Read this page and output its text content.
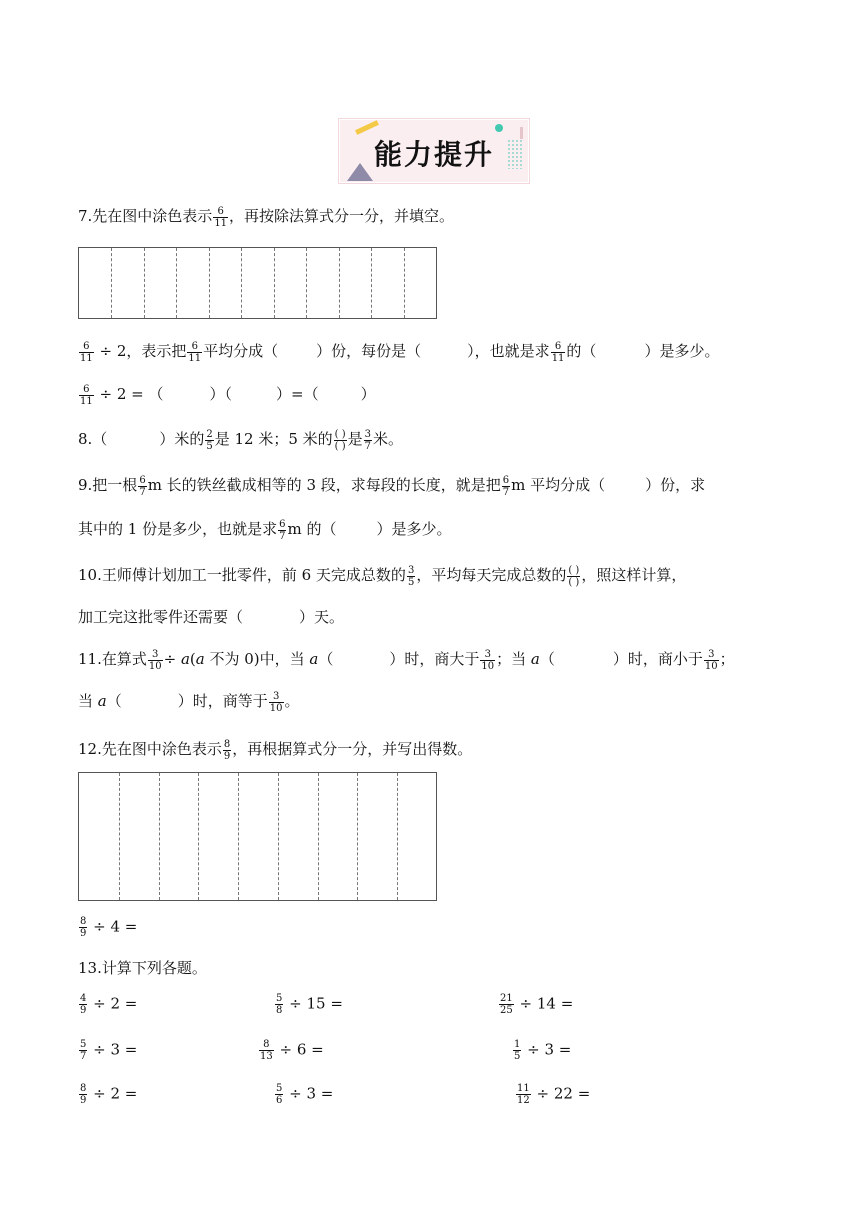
能力提升
7.先在图中涂色表示 $\frac{6}{11}$ ，再按除法算式分一分，并填空。
$\frac{6}{11} \div 2$，表示把 $\frac{6}{11}$ 平均分成（	）份，每份是（	），也就是求 $\frac{6}{11}$ 的（	）是多少。
$\frac{6}{11} \div 2$ = （	）（	）=（	）
8.（	）米的 $\frac{2}{5}$ 是 12 米；5 米的 $\frac{( )}{( )}$ 是 $\frac{3}{7}$ 米。
9.把一根 $\frac{6}{7}$ m 长的铁丝截成相等的 3 段，求每段的长度，就是把 $\frac{6}{7}$ m 平均分成（	）份，求
其中的 1 份是多少，也就是求 $\frac{6}{7}$ m 的（	）是多少。
10.王师傅计划加工一批零件，前 6 天完成总数的 $\frac{3}{5}$ ，平均每天完成总数的 $\frac{( )}{( )}$ ，照这样计算，
加工完这批零件还需要（	）天。
11.在算式 $\frac{3}{10} \div a(a$ 不为 0)中，当 a（	）时，商大于 $\frac{3}{10}$ ；当 a（	）时，商小于 $\frac{3}{10}$ ；
当 a（	）时，商等于 $\frac{3}{10}$ 。
12.先在图中涂色表示 $\frac{8}{9}$ ，再根据算式分一分，并写出得数。
$\frac{8}{9} \div 4$ =
13.计算下列各题。
$\frac{4}{9} \div 2$ =	$\frac{5}{8} \div 15$ =	$\frac{21}{25} \div 14$ =
$\frac{5}{7} \div 3$ =	$\frac{8}{13} \div 6$ =	$\frac{1}{5} \div 3$ =
$\frac{8}{9} \div 2$ =	$\frac{5}{6} \div 3$ =	$\frac{11}{12} \div 22$ =
